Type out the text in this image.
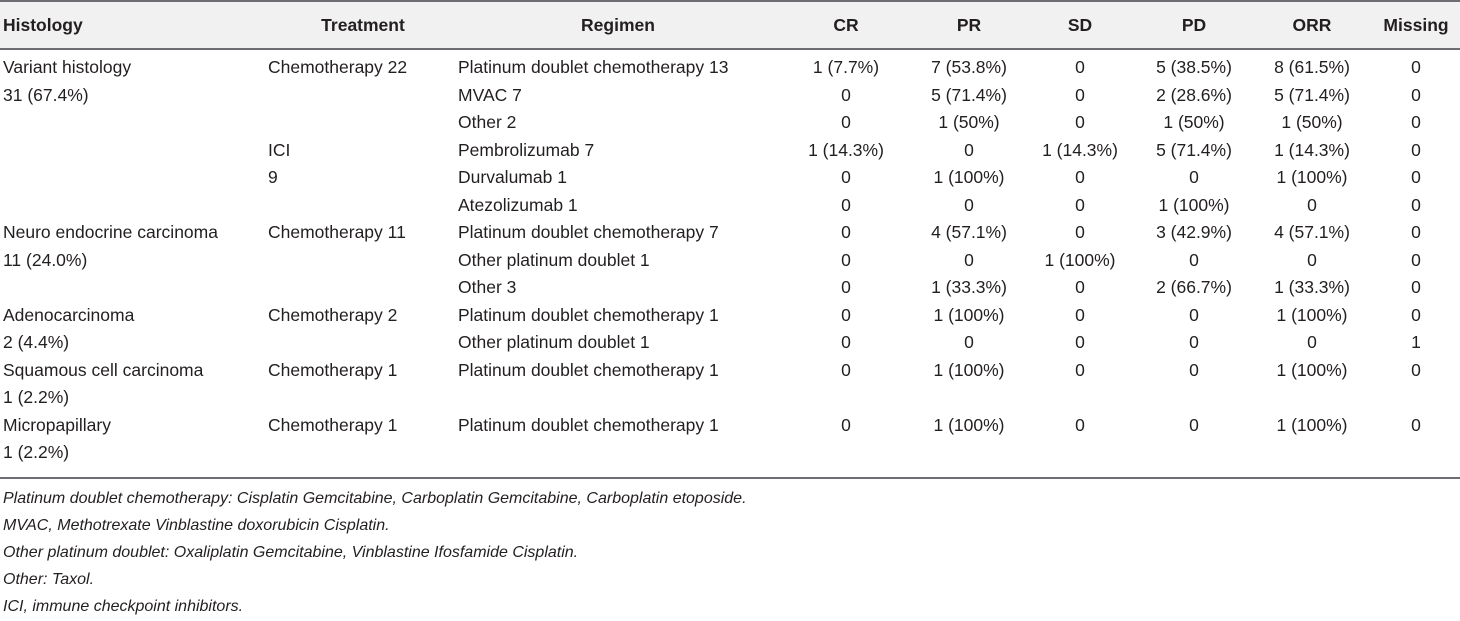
Histology	Treatment	Regimen	CR	PR	SD	PD	ORR	Missing
Variant histology	Chemotherapy 22	Platinum doublet chemotherapy 13	1 (7.7%)	7 (53.8%)	0	5 (38.5%)	8 (61.5%)	0
31 (67.4%)		MVAC 7	0	5 (71.4%)	0	2 (28.6%)	5 (71.4%)	0
		Other 2	0	1 (50%)	0	1 (50%)	1 (50%)	0
	ICI	Pembrolizumab 7	1 (14.3%)	0	1 (14.3%)	5 (71.4%)	1 (14.3%)	0
	9	Durvalumab 1	0	1 (100%)	0	0	1 (100%)	0
		Atezolizumab 1	0	0	0	1 (100%)	0	0
Neuro endocrine carcinoma	Chemotherapy 11	Platinum doublet chemotherapy 7	0	4 (57.1%)	0	3 (42.9%)	4 (57.1%)	0
11 (24.0%)		Other platinum doublet 1	0	0	1 (100%)	0	0	0
		Other 3	0	1 (33.3%)	0	2 (66.7%)	1 (33.3%)	0
Adenocarcinoma	Chemotherapy 2	Platinum doublet chemotherapy 1	0	1 (100%)	0	0	1 (100%)	0
2 (4.4%)		Other platinum doublet 1	0	0	0	0	0	1
Squamous cell carcinoma	Chemotherapy 1	Platinum doublet chemotherapy 1	0	1 (100%)	0	0	1 (100%)	0
1 (2.2%)								
Micropapillary	Chemotherapy 1	Platinum doublet chemotherapy 1	0	1 (100%)	0	0	1 (100%)	0
1 (2.2%)								
Platinum doublet chemotherapy: Cisplatin Gemcitabine, Carboplatin Gemcitabine, Carboplatin etoposide.
MVAC, Methotrexate Vinblastine doxorubicin Cisplatin.
Other platinum doublet: Oxaliplatin Gemcitabine, Vinblastine Ifosfamide Cisplatin.
Other: Taxol.
ICI, immune checkpoint inhibitors.
